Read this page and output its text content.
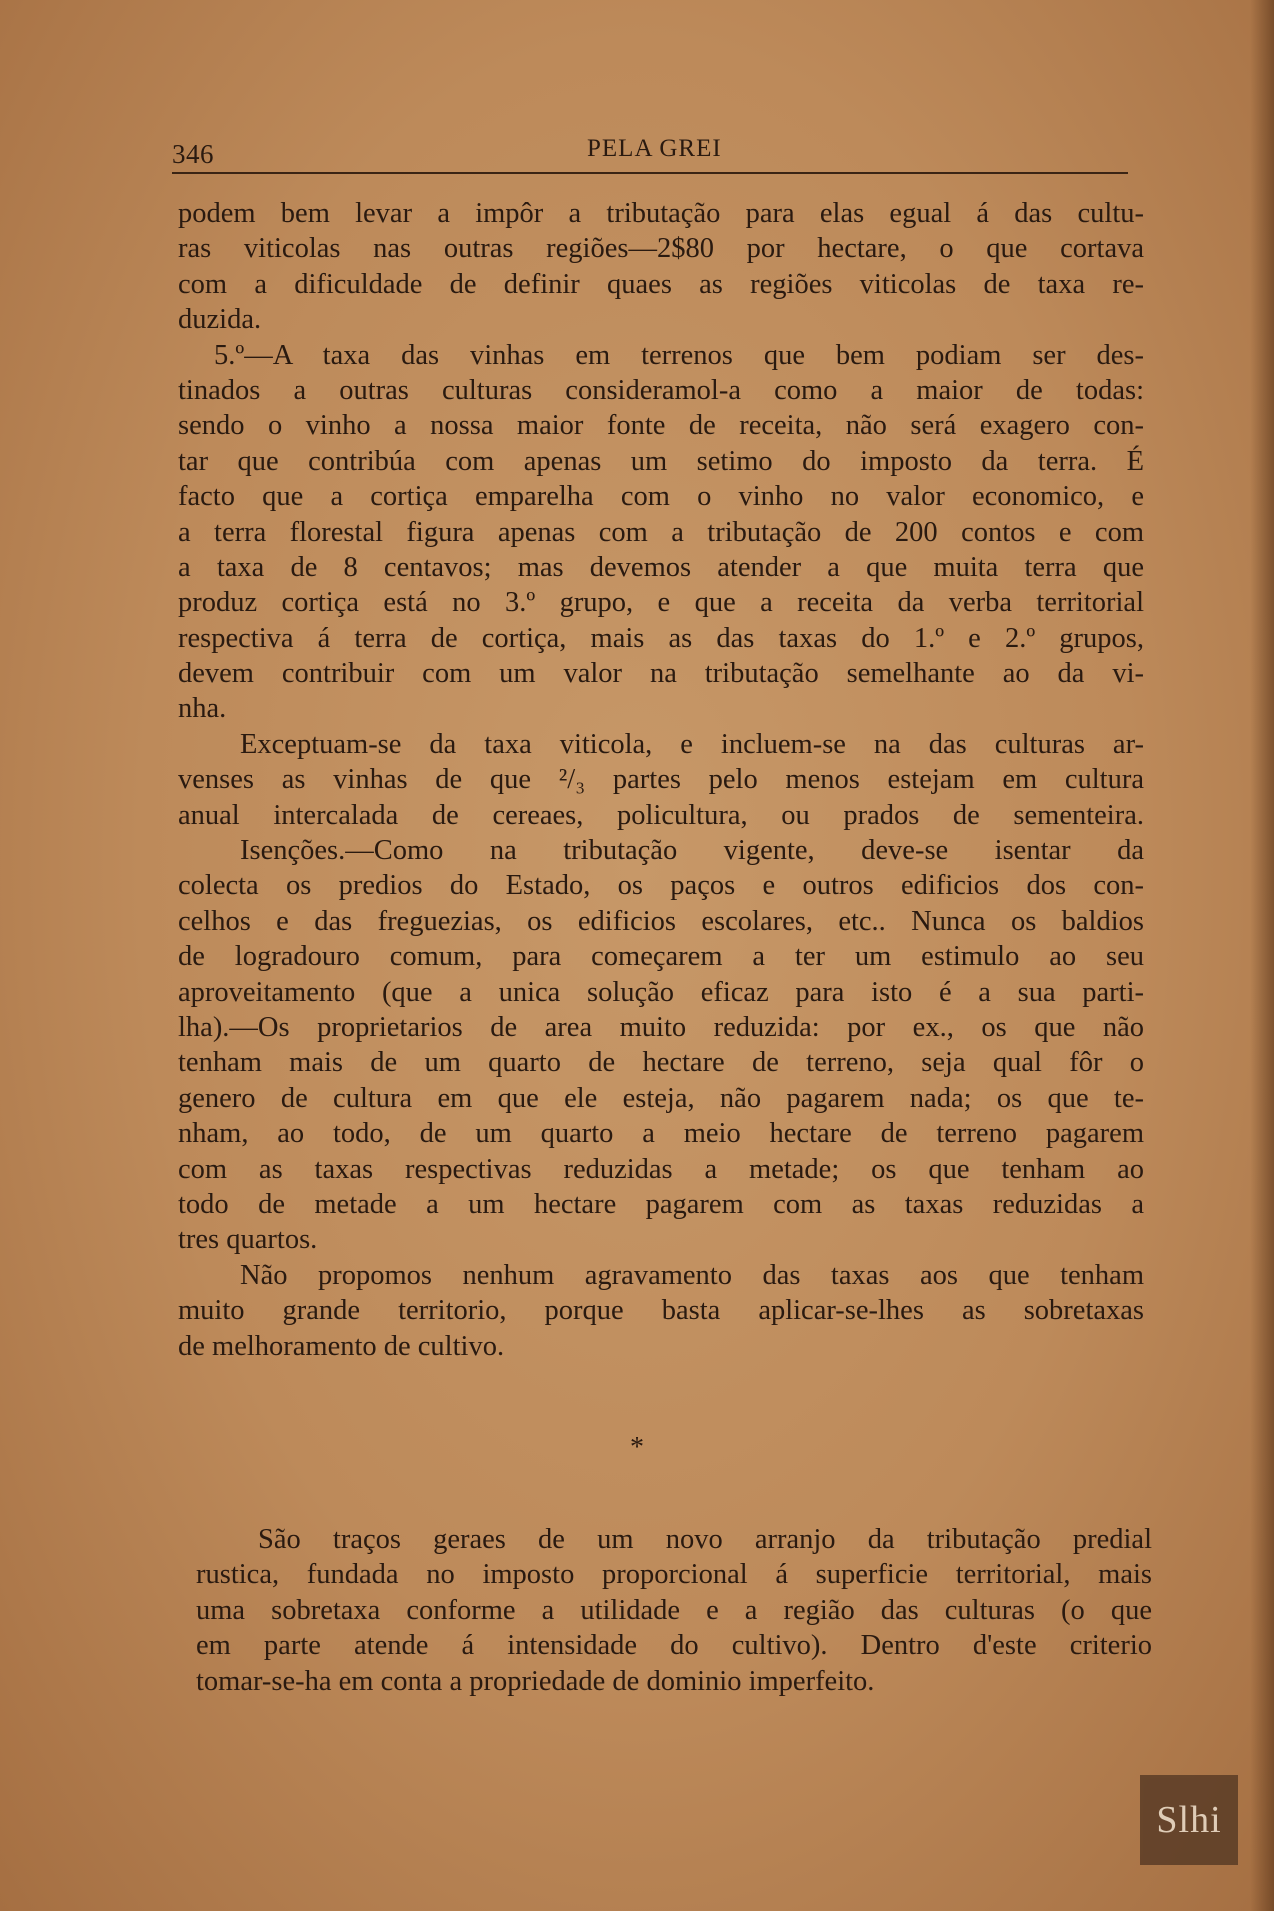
346	PELA GREI
podem bem levar a impôr a tributação para elas egual á das cultu-
ras viticolas nas outras regiões—2$80 por hectare, o que cortava
com a dificuldade de definir quaes as regiões viticolas de taxa re-
duzida.
5.º—A taxa das vinhas em terrenos que bem podiam ser des-
tinados a outras culturas consideramol-a como a maior de todas:
sendo o vinho a nossa maior fonte de receita, não será exagero con-
tar que contribúa com apenas um setimo do imposto da terra. É
facto que a cortiça emparelha com o vinho no valor economico, e
a terra florestal figura apenas com a tributação de 200 contos e com
a taxa de 8 centavos; mas devemos atender a que muita terra que
produz cortiça está no 3.º grupo, e que a receita da verba territorial
respectiva á terra de cortiça, mais as das taxas do 1.º e 2.º grupos,
devem contribuir com um valor na tributação semelhante ao da vi-
nha.
Exceptuam-se da taxa viticola, e incluem-se na das culturas ar-
venses as vinhas de que ²/₃ partes pelo menos estejam em cultura
anual intercalada de cereaes, policultura, ou prados de sementeira.
Isenções.—Como na tributação vigente, deve-se isentar da
colecta os predios do Estado, os paços e outros edificios dos con-
celhos e das freguezias, os edificios escolares, etc.. Nunca os baldios
de logradouro comum, para começarem a ter um estimulo ao seu
aproveitamento (que a unica solução eficaz para isto é a sua parti-
lha).—Os proprietarios de area muito reduzida: por ex., os que não
tenham mais de um quarto de hectare de terreno, seja qual fôr o
genero de cultura em que ele esteja, não pagarem nada; os que te-
nham, ao todo, de um quarto a meio hectare de terreno pagarem
com as taxas respectivas reduzidas a metade; os que tenham ao
todo de metade a um hectare pagarem com as taxas reduzidas a
tres quartos.
Não propomos nenhum agravamento das taxas aos que tenham
muito grande territorio, porque basta aplicar-se-lhes as sobretaxas
de melhoramento de cultivo.
*
São traços geraes de um novo arranjo da tributação predial
rustica, fundada no imposto proporcional á superficie territorial, mais
uma sobretaxa conforme a utilidade e a região das culturas (o que
em parte atende á intensidade do cultivo). Dentro d'este criterio
tomar-se-ha em conta a propriedade de dominio imperfeito.
Slhi
